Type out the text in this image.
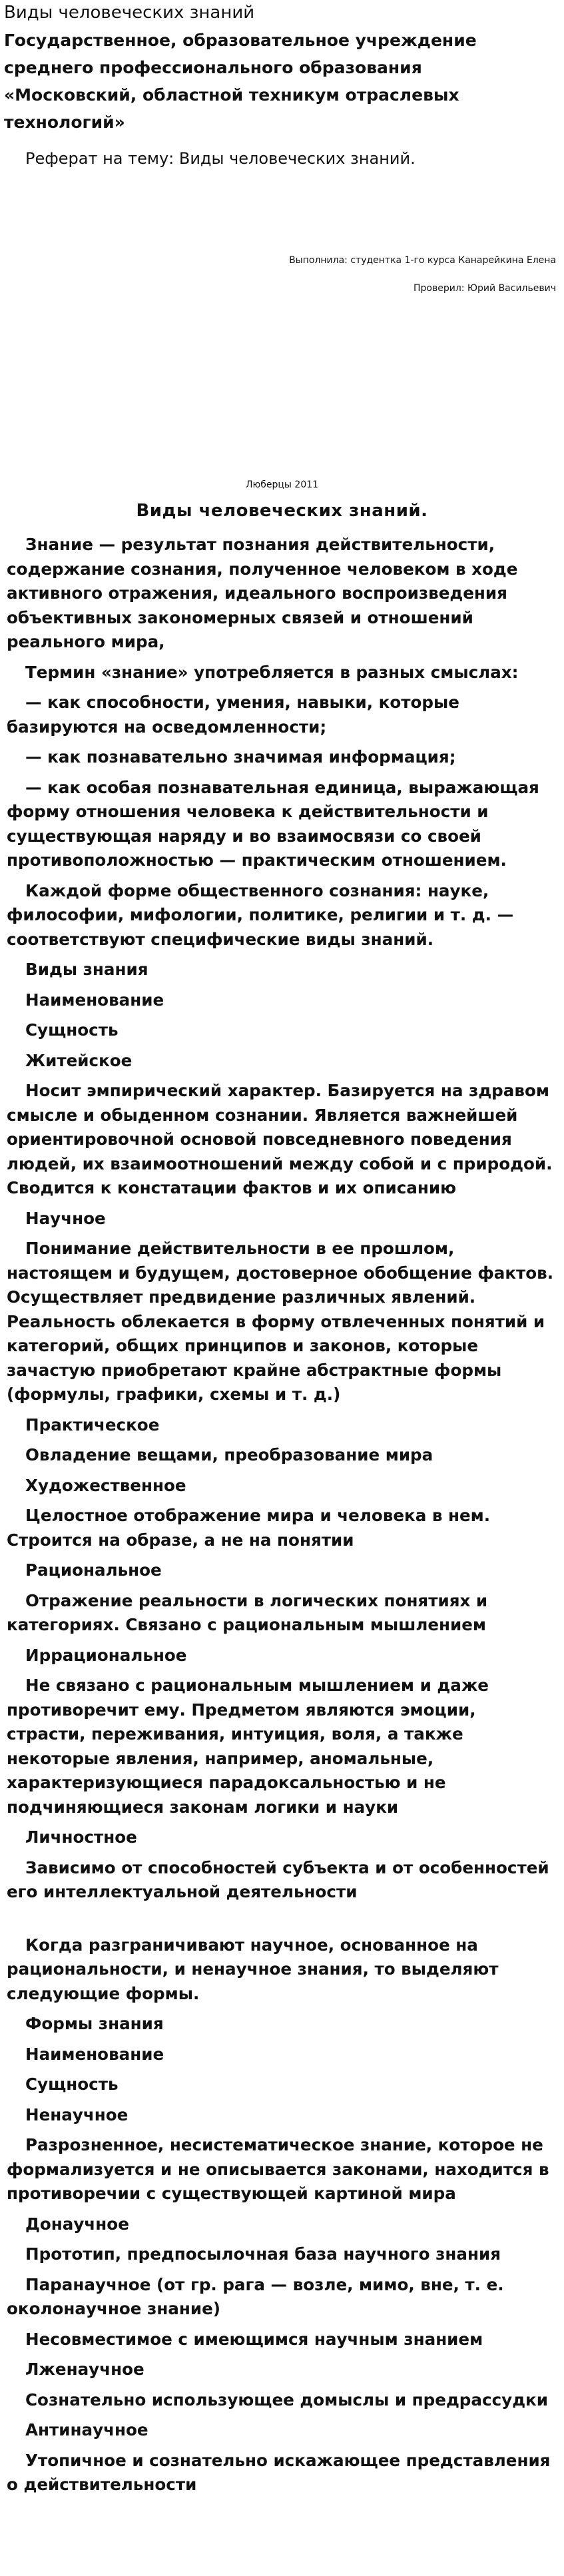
Виды человеческих знаний
Государственное, образовательное учреждение среднего профессионального образования «Московский, областной техникум отраслевых технологий»
Реферат на тему: Виды человеческих знаний.
Выполнила: студентка 1-го курса Канарейкина Елена
Проверил: Юрий Васильевич
Люберцы 2011
Виды человеческих знаний.
Знание — результат познания действительности, содержание сознания, полученное человеком в ходе активного отражения, идеального воспроизведения объективных закономерных связей и отношений реального мира,
Термин «знание» употребляется в разных смыслах:
— как способности, умения, навыки, которые базируются на осведомленности;
— как познавательно значимая информация;
— как особая познавательная единица, выражающая форму отношения человека к действительности и существующая наряду и во взаимосвязи со своей противоположностью — практическим отношением.
Каждой форме общественного сознания: науке, философии, мифологии, политике, религии и т. д. — соответствуют специфические виды знаний.
Виды знания
Наименование
Сущность
Житейское
Носит эмпирический характер. Базируется на здравом смысле и обыденном сознании. Является важнейшей ориентировочной основой повседневного поведения людей, их взаимоотношений между собой и с природой. Сводится к констатации фактов и их описанию
Научное
Понимание действительности в ее прошлом, настоящем и будущем, достоверное обобщение фактов. Осуществляет предвидение различных явлений. Реальность облекается в форму отвлеченных понятий и категорий, общих принципов и законов, которые зачастую приобретают крайне абстрактные формы (формулы, графики, схемы и т. д.)
Практическое
Овладение вещами, преобразование мира
Художественное
Целостное отображение мира и человека в нем. Строится на образе, а не на понятии
Рациональное
Отражение реальности в логических понятиях и категориях. Связано с рациональным мышлением
Иррациональное
Не связано с рациональным мышлением и даже противоречит ему. Предметом являются эмоции, страсти, переживания, интуиция, воля, а также некоторые явления, например, аномальные, характеризующиеся парадоксальностью и не подчиняющиеся законам логики и науки
Личностное
Зависимо от способностей субъекта и от особенностей его интеллектуальной деятельности
Когда разграничивают научное, основанное на рациональности, и ненаучное знания, то выделяют следующие формы.
Формы знания
Наименование
Сущность
Ненаучное
Разрозненное, несистематическое знание, которое не формализуется и не описывается законами, находится в противоречии с существующей картиной мира
Донаучное
Прототип, предпосылочная база научного знания
Паранаучное (от гр. рага — возле, мимо, вне, т. е. околонаучное знание)
Несовместимое с имеющимся научным знанием
Лженаучное
Сознательно использующее домыслы и предрассудки
Антинаучное
Утопичное и сознательно искажающее представления о действительности
